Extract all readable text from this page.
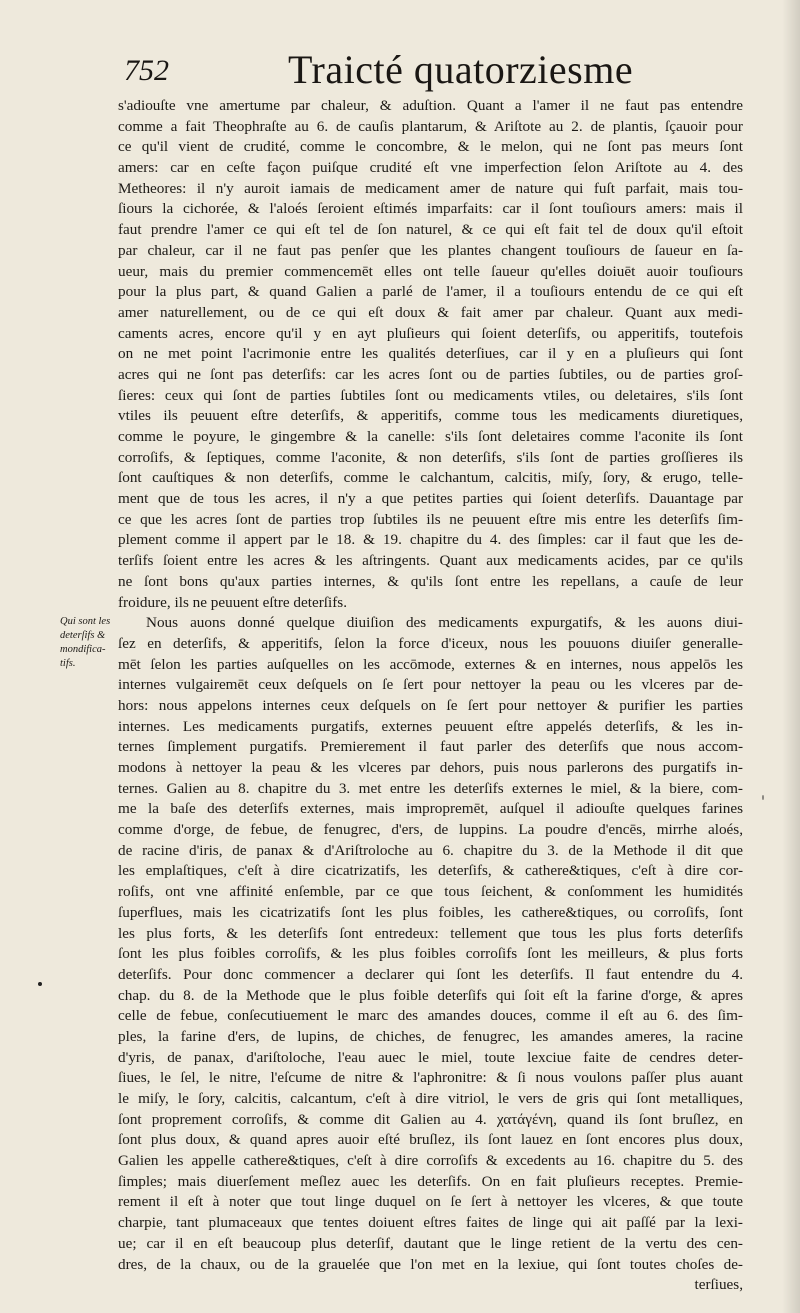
752	Traicté quatorziesme
Qui sont les
deterſifs &
mondifica-
tifs.
s'adiouſte vne amertume par chaleur, & aduſtion. Quant a l'amer il ne faut pas entendre
comme a fait Theophraſte au 6. de cauſis plantarum, & Ariſtote au 2. de plantis, ſçauoir pour
ce qu'il vient de crudité, comme le concombre, & le melon, qui ne ſont pas meurs ſont
amers: car en ceſte façon puiſque crudité eſt vne imperfection ſelon Ariſtote au 4. des
Metheores: il n'y auroit iamais de medicament amer de nature qui fuſt parfait, mais tou-
ſiours la cichorée, & l'aloés ſeroient eſtimés imparfaits: car il ſont touſiours amers: mais il
faut prendre l'amer ce qui eſt tel de ſon naturel, & ce qui eſt fait tel de doux qu'il eſtoit
par chaleur, car il ne faut pas penſer que les plantes changent touſiours de ſaueur en ſa-
ueur, mais du premier commencemēt elles ont telle ſaueur qu'elles doiuēt auoir touſiours
pour la plus part, & quand Galien a parlé de l'amer, il a touſiours entendu de ce qui eſt
amer naturellement, ou de ce qui eſt doux & fait amer par chaleur. Quant aux medi-
caments acres, encore qu'il y en ayt pluſieurs qui ſoient deterſifs, ou apperitifs, toutefois
on ne met point l'acrimonie entre les qualités deterſiues, car il y en a pluſieurs qui ſont
acres qui ne ſont pas deterſifs: car les acres ſont ou de parties ſubtiles, ou de parties groſ-
ſieres: ceux qui ſont de parties ſubtiles ſont ou medicaments vtiles, ou deletaires, s'ils ſont
vtiles ils peuuent eſtre deterſifs, & apperitifs, comme tous les medicaments diuretiques,
comme le poyure, le gingembre & la canelle: s'ils ſont deletaires comme l'aconite ils ſont
corroſifs, & ſeptiques, comme l'aconite, & non deterſifs, s'ils ſont de parties groſſieres ils
ſont cauſtiques & non deterſifs, comme le calchantum, calcitis, miſy, ſory, & erugo, telle-
ment que de tous les acres, il n'y a que petites parties qui ſoient deterſifs. Dauantage par
ce que les acres ſont de parties trop ſubtiles ils ne peuuent eſtre mis entre les deterſifs ſim-
plement comme il appert par le 18. & 19. chapitre du 4. des ſimples: car il faut que les de-
terſifs ſoient entre les acres & les aſtringents. Quant aux medicaments acides, par ce qu'ils
ne ſont bons qu'aux parties internes, & qu'ils ſont entre les repellans, a cauſe de leur
froidure, ils ne peuuent eſtre deterſifs.
Nous auons donné quelque diuiſion des medicaments expurgatifs, & les auons diui-
ſez en deterſifs, & apperitifs, ſelon la force d'iceux, nous les pouuons diuiſer generalle-
mēt ſelon les parties auſquelles on les accōmode, externes & en internes, nous appelōs les
internes vulgairemēt ceux deſquels on ſe ſert pour nettoyer la peau ou les vlceres par de-
hors: nous appelons internes ceux deſquels on ſe ſert pour nettoyer & purifier les parties
internes. Les medicaments purgatifs, externes peuuent eſtre appelés deterſifs, & les in-
ternes ſimplement purgatifs. Premierement il faut parler des deterſifs que nous accom-
modons à nettoyer la peau & les vlceres par dehors, puis nous parlerons des purgatifs in-
ternes. Galien au 8. chapitre du 3. met entre les deterſifs externes le miel, & la biere, com-
me la baſe des deterſifs externes, mais impropremēt, auſquel il adiouſte quelques farines
comme d'orge, de febue, de fenugrec, d'ers, de luppins. La poudre d'encēs, mirrhe aloés,
de racine d'iris, de panax & d'Ariſtroloche au 6. chapitre du 3. de la Methode il dit que
les emplaſtiques, c'eſt à dire cicatrizatifs, les deterſifs, & cathere&tiques, c'eſt à dire cor-
roſifs, ont vne affinité enſemble, par ce que tous ſeichent, & conſomment les humidités
ſuperflues, mais les cicatrizatifs ſont les plus foibles, les cathere&tiques, ou corroſifs, ſont
les plus forts, & les deterſifs ſont entredeux: tellement que tous les plus forts deterſifs
ſont les plus foibles corroſifs, & les plus foibles corroſifs ſont les meilleurs, & plus forts
deterſifs. Pour donc commencer a declarer qui ſont les deterſifs. Il faut entendre du 4.
chap. du 8. de la Methode que le plus foible deterſifs qui ſoit eſt la farine d'orge, & apres
celle de febue, conſecutiuement le marc des amandes douces, comme il eſt au 6. des ſim-
ples, la farine d'ers, de lupins, de chiches, de fenugrec, les amandes ameres, la racine
d'yris, de panax, d'ariſtoloche, l'eau auec le miel, toute lexciue faite de cendres deter-
ſiues, le ſel, le nitre, l'eſcume de nitre & l'aphronitre: & ſi nous voulons paſſer plus auant
le miſy, le ſory, calcitis, calcantum, c'eſt à dire vitriol, le vers de gris qui ſont metalliques,
ſont proprement corroſifs, & comme dit Galien au 4. χατάγένη, quand ils ſont bruſlez, en
ſont plus doux, & quand apres auoir eſté bruſlez, ils ſont lauez en ſont encores plus doux,
Galien les appelle cathere&tiques, c'eſt à dire corroſifs & excedents au 16. chapitre du 5. des
ſimples; mais diuerſement meſlez auec les deterſifs. On en fait pluſieurs receptes. Premie-
rement il eſt à noter que tout linge duquel on ſe ſert à nettoyer les vlceres, & que toute
charpie, tant plumaceaux que tentes doiuent eſtres faites de linge qui ait paſſé par la lexi-
ue; car il en eſt beaucoup plus deterſif, dautant que le linge retient de la vertu des cen-
dres, de la chaux, ou de la grauelée que l'on met en la lexiue, qui ſont toutes choſes de-
terſiues,
